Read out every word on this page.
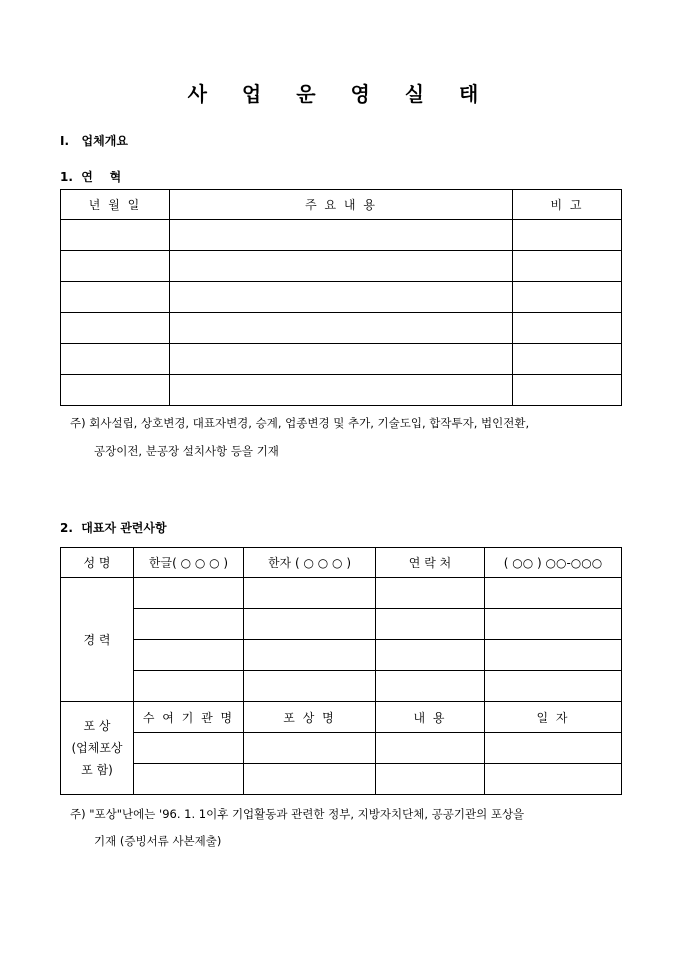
사 업 운 영 실 태
I.   업체개요
1.  연    혁
년 월 일	주 요 내 용	비 고

주) 회사설립, 상호변경, 대표자변경, 승계, 업종변경 및 추가, 기술도입, 합작투자, 법인전환,
공장이전, 분공장 설치사항 등을 기재
2.  대표자 관련사항
성 명	한글( ○ ○ ○ )	한자 ( ○ ○ ○ )	연 락 처	( ○○ ) ○○-○○○
경 력				

포 상
(업체포상
포 함)	수 여 기 관 명	포 상 명	내 용	일 자

주) "포상"난에는 '96. 1. 1이후 기업활동과 관련한 정부, 지방자치단체, 공공기관의 포상을
기재 (증빙서류 사본제출)
